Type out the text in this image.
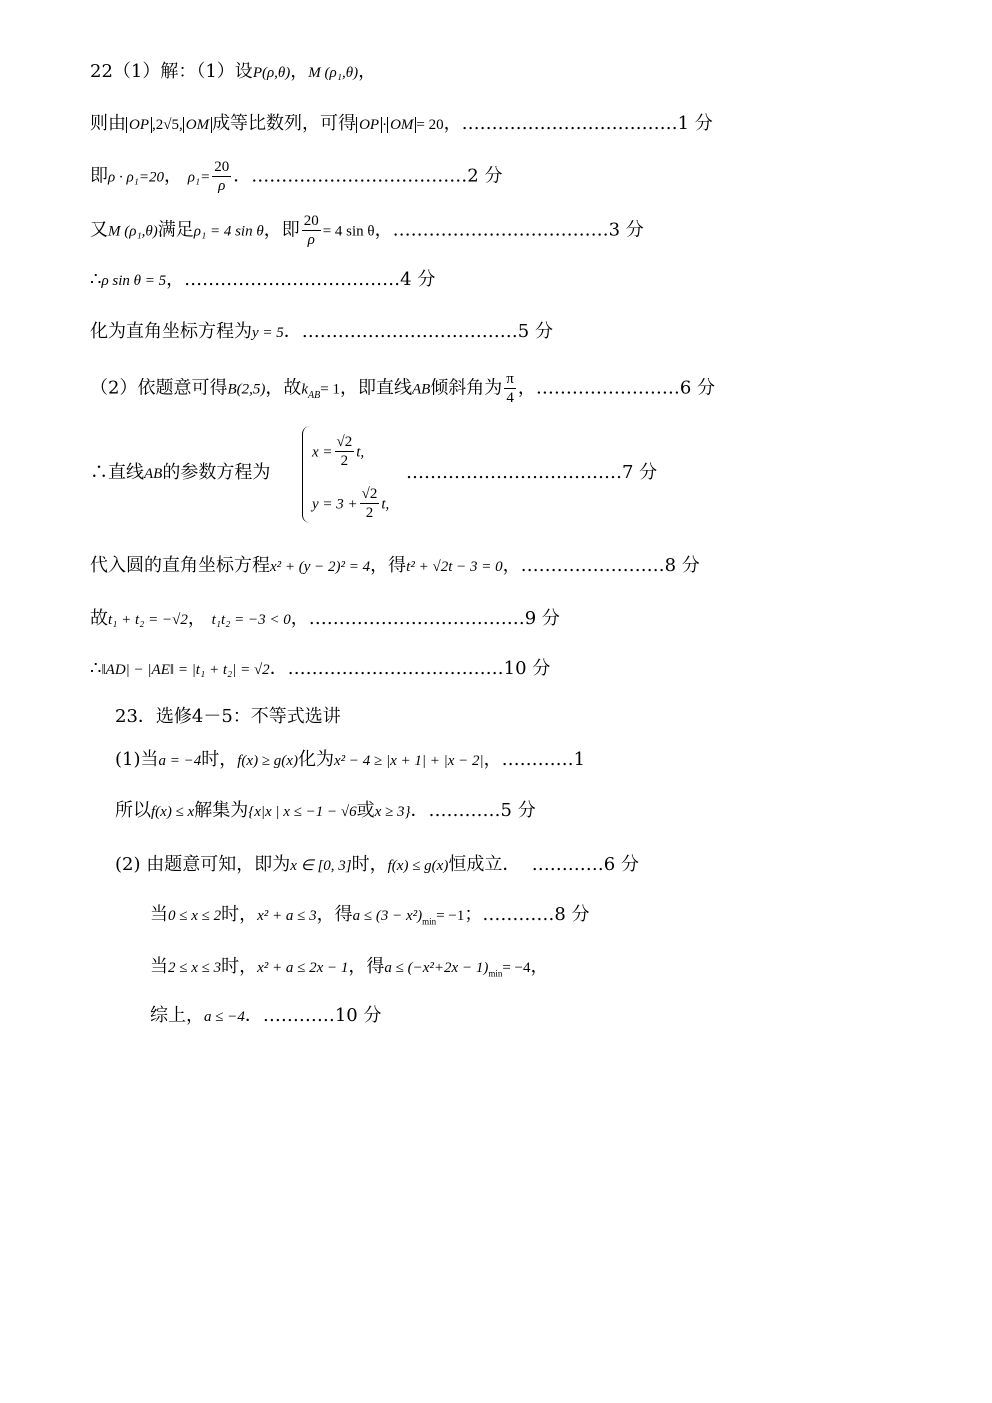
22（1）解：（1）设P(ρ,θ)，M (ρ₁,θ)，
则由 OP ,2√5, OM 成等比数列，可得 OP · OM = 20，………………………………1 分
即ρ · ρ₁=20， $\rho_1= \frac{20}{\rho}$ ．………………………………2 分
又M (ρ₁,θ)满足ρ₁ = 4 sin θ，即 $\frac{20}{\rho} = 4$ sin θ，………………………………3 分
∴ρ sin θ = 5，………………………………4 分
化为直角坐标方程为y = 5．………………………………5 分
（2）依题意可得B(2,5)，故$k_{AB}= 1$，即直线AB倾斜角为 $\frac{\pi}{4}$ ，……………………6 分
∴直线AB的参数方程为
$x = \frac{√2}{2} t$,
$y = 3 + \frac{√2}{2} t$,
………………………………7 分
代入圆的直角坐标方程x² + (y − 2)² = 4，得t² + √2t − 3 = 0，……………………8 分
故t₁ + t₂ = −√2， t₁t₂ = −3 < 0，………………………………9 分
∴‖AD| − |AE‖ = |t₁ + t₂| = √2．………………………………10 分
23．选修4－5：不等式选讲
(1)当a = −4时，f(x) ≥ g(x)化为x² − 4 ≥ |x + 1| + |x − 2|，…………1
所以f(x) ≤ x解集为{x|x | x ≤ −1 − √6或x ≥ 3}．…………5 分
(2) 由题意可知，即为x ∈ [0, 3]时，f(x) ≤ g(x)恒成立． …………6 分
当0 ≤ x ≤ 2时，x² + a ≤ 3，得$a \le (3 - x^2)_{min}= -1$；…………8 分
当2 ≤ x ≤ 3时，x² + a ≤ 2x − 1，得$a \le (-x^2+2x - 1)_{min}= -4$，
综上，a ≤ −4．…………10 分
